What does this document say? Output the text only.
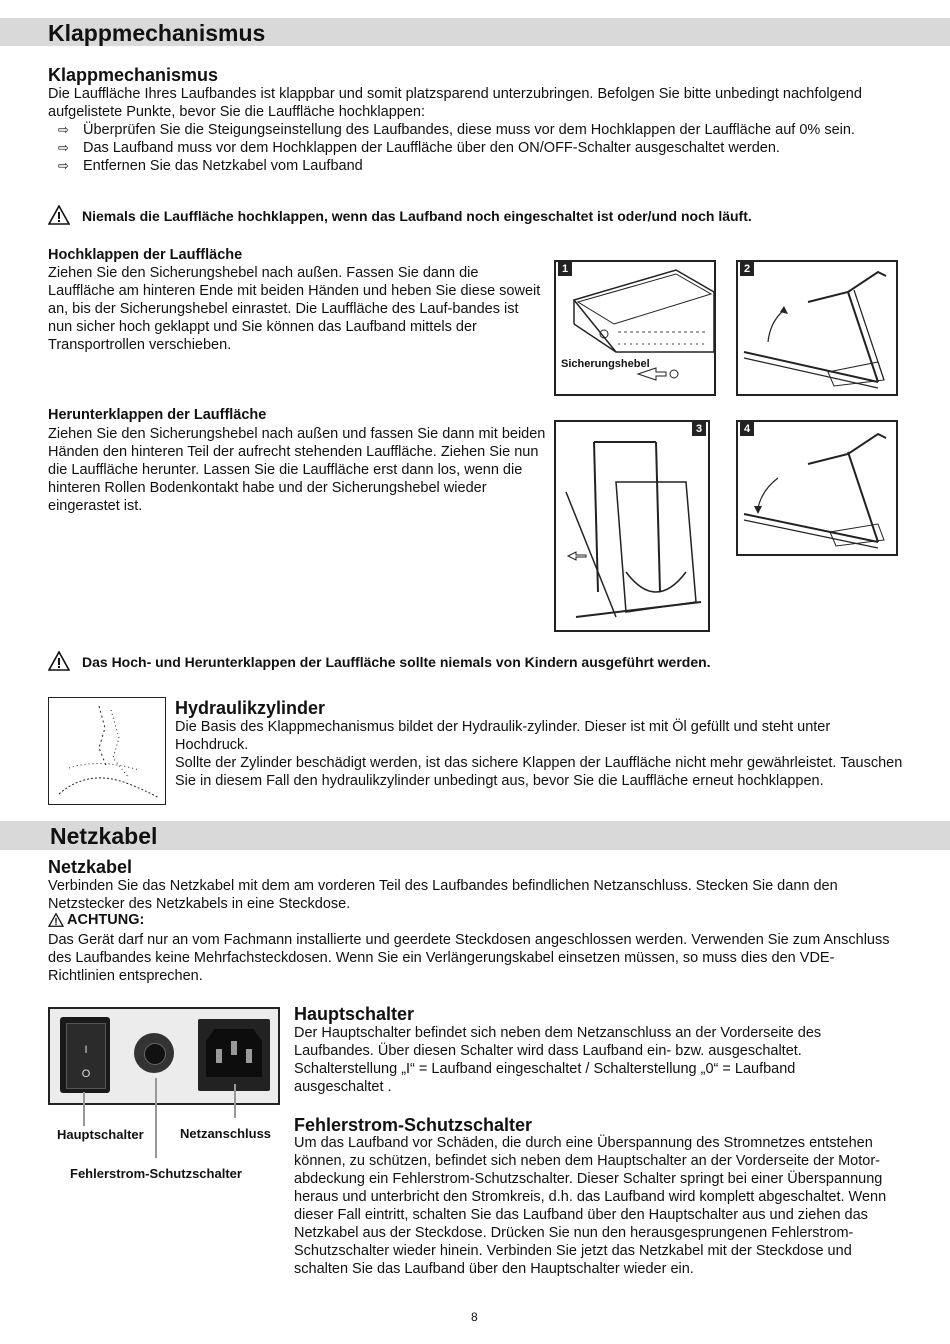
Klappmechanismus
Klappmechanismus

Die Lauffläche Ihres Laufbandes ist klappbar und somit platzsparend unterzubringen. Befolgen Sie bitte unbedingt nachfolgend aufgelistete Punkte, bevor Sie die Lauffläche hochklappen:

⇨ Überprüfen Sie die Steigungseinstellung des Laufbandes, diese muss vor dem Hochklappen der Lauffläche auf 0% sein.
⇨ Das Laufband muss vor dem Hochklappen der Lauffläche über den ON/OFF-Schalter ausgeschaltet werden.
⇨ Entfernen Sie das Netzkabel vom Laufband
Niemals die Lauffläche hochklappen, wenn das Laufband noch eingeschaltet ist oder/und noch läuft.
Hochklappen der Lauffläche

Ziehen Sie den Sicherungshebel nach außen. Fassen Sie dann die Lauffläche am hinteren Ende mit beiden Händen und heben Sie diese soweit an, bis der Sicherungshebel einrastet. Die Lauffläche des Lauf-bandes ist nun sicher hoch geklappt und Sie können das Laufband mittels der Transportrollen verschieben.

1
Sicherungshebel
2
Herunterklappen der Lauffläche

Ziehen Sie den Sicherungshebel nach außen und fassen Sie dann mit beiden Händen den hinteren Teil der aufrecht stehenden Lauffläche. Ziehen Sie nun die Lauffläche herunter. Lassen Sie die Lauffläche erst dann los, wenn die hinteren Rollen Bodenkontakt habe und der Sicherungshebel wieder eingerastet ist.

3	4
Das Hoch- und Herunterklappen der Lauffläche sollte niemals von Kindern ausgeführt werden.
Hydraulikzylinder

Die Basis des Klappmechanismus bildet der Hydraulik-zylinder. Dieser ist mit Öl gefüllt und steht unter Hochdruck.
Sollte der Zylinder beschädigt werden, ist das sichere Klappen der Lauffläche nicht mehr gewährleistet. Tauschen Sie in diesem Fall den hydraulikzylinder unbedingt aus, bevor Sie die Lauffläche erneut hochklappen.

Netzkabel
Netzkabel

Verbinden Sie das Netzkabel mit dem am vorderen Teil des Laufbandes befindlichen Netzanschluss. Stecken Sie dann den Netzstecker des Netzkabels in eine Steckdose.

ACHTUNG:

Das Gerät darf nur an vom Fachmann installierte und geerdete Steckdosen angeschlossen werden. Verwenden Sie zum Anschluss des Laufbandes keine Mehrfachsteckdosen. Wenn Sie ein Verlängerungskabel einsetzen müssen, so muss dies den VDE-Richtlinien entsprechen.

I
O
Hauptschalter	Netzanschluss
Fehlerstrom-Schutzschalter
Hauptschalter

Der Hauptschalter befindet sich neben dem Netzanschluss an der Vorderseite des Laufbandes. Über diesen Schalter wird dass Laufband ein- bzw. ausgeschaltet. Schalterstellung „I“ = Laufband eingeschaltet / Schalterstellung „0“ = Laufband ausgeschaltet .

Fehlerstrom-Schutzschalter

Um das Laufband vor Schäden, die durch eine Überspannung des Stromnetzes entstehen können, zu schützen, befindet sich neben dem Hauptschalter an der Vorderseite der Motor-abdeckung ein Fehlerstrom-Schutzschalter. Dieser Schalter springt bei einer Überspannung heraus und unterbricht den Stromkreis, d.h. das Laufband wird komplett abgeschaltet. Wenn dieser Fall eintritt, schalten Sie das Laufband über den Hauptschalter aus und ziehen das Netzkabel aus der Steckdose. Drücken Sie nun den herausgesprungenen Fehlerstrom-Schutzschalter wieder hinein. Verbinden Sie jetzt das Netzkabel mit der Steckdose und schalten Sie das Laufband über den Hauptschalter wieder ein.

8
